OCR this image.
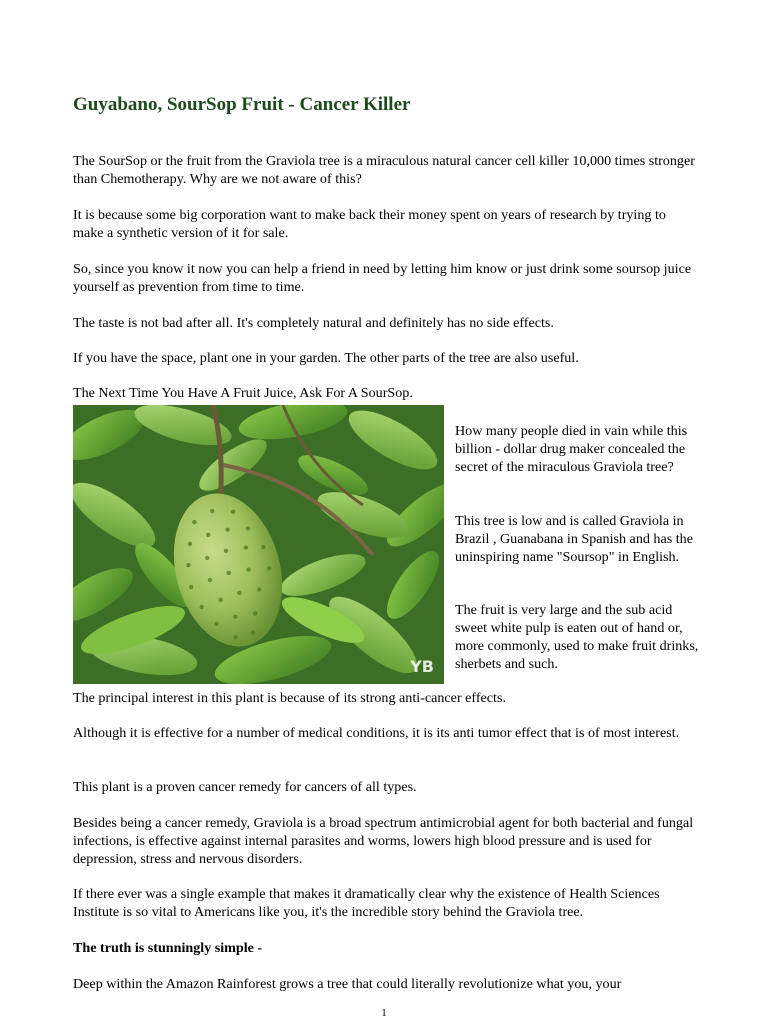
Guyabano, SourSop Fruit - Cancer Killer

The SourSop or the fruit from the Graviola tree is a miraculous natural cancer cell killer 10,000 times stronger than Chemotherapy. Why are we not aware of this?

It is because some big corporation want to make back their money spent on years of research by trying to make a synthetic version of it for sale.

So, since you know it now you can help a friend in need by letting him know or just drink some soursop juice yourself as prevention from time to time.

The taste is not bad after all. It's completely natural and definitely has no side effects.

If you have the space, plant one in your garden. The other parts of the tree are also useful.

The Next Time You Have A Fruit Juice, Ask For A SourSop.

YB

How many people died in vain while this billion - dollar drug maker concealed the secret of the miraculous Graviola tree?

This tree is low and is called Graviola in Brazil , Guanabana in Spanish and has the uninspiring name "Soursop" in English.

The fruit is very large and the sub acid sweet white pulp is eaten out of hand or, more commonly, used to make fruit drinks, sherbets and such.

The principal interest in this plant is because of its strong anti-cancer effects.

Although it is effective for a number of medical conditions, it is its anti tumor effect that is of most interest.

This plant is a proven cancer remedy for cancers of all types.

Besides being a cancer remedy, Graviola is a broad spectrum antimicrobial agent for both bacterial and fungal infections, is effective against internal parasites and worms, lowers high blood pressure and is used for depression, stress and nervous disorders.

If there ever was a single example that makes it dramatically clear why the existence of Health Sciences Institute is so vital to Americans like you, it's the incredible story behind the Graviola tree.

The truth is stunningly simple -

Deep within the Amazon Rainforest grows a tree that could literally revolutionize what you, your

1
